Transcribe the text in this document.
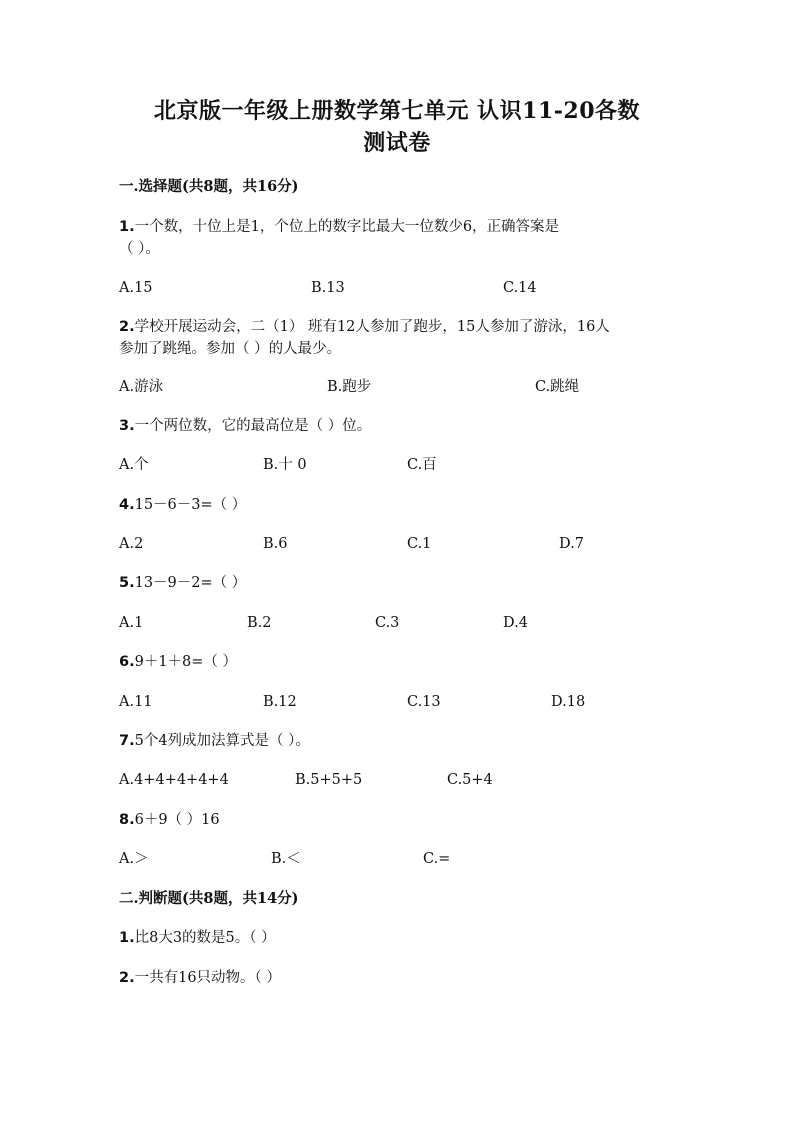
北京版一年级上册数学第七单元 认识11-20各数
测试卷

一.选择题(共8题，共16分)

1.一个数，十位上是1，个位上的数字比最大一位数少6，正确答案是

（ ）。

A.15	B.13	C.14

2.学校开展运动会，二（1） 班有12人参加了跑步，15人参加了游泳，16人

参加了跳绳。参加（ ）的人最少。

A.游泳	B.跑步	C.跳绳

3.一个两位数，它的最高位是（ ）位。

A.个	B.十 0	C.百

4.15－6－3=（ ）

A.2	B.6	C.1	D.7

5.13－9－2=（ ）

A.1	B.2	C.3	D.4

6.9＋1＋8=（ ）

A.11	B.12	C.13	D.18

7.5个4列成加法算式是（ ）。

A.4+4+4+4+4	B.5+5+5	C.5+4

8.6＋9（ ）16

A.＞	B.＜	C.=

二.判断题(共8题，共14分)

1.比8大3的数是5。（ ）

2.一共有16只动物。（ ）
